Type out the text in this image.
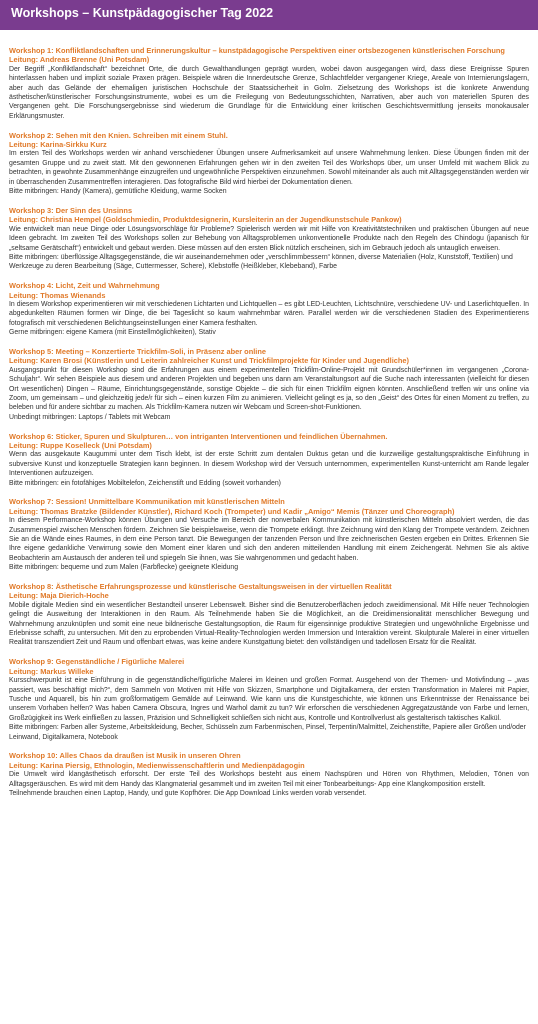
Workshops – Kunstpädagogischer Tag 2022
Workshop 1: Konfliktlandschaften und Erinnerungskultur – kunstpädagogische Perspektiven einer ortsbezogenen künstlerischen Forschung
Leitung: Andreas Brenne (Uni Potsdam)
Der Begriff „Konfliktlandschaft“ bezeichnet Orte, die durch Gewalthandlungen geprägt wurden, wobei davon ausgegangen wird, dass diese Ereignisse Spuren hinterlassen haben und implizit soziale Praxen prägen. Beispiele wären die Innerdeutsche Grenze, Schlachtfelder vergangener Kriege, Areale von Internierungslagern, aber auch das Gelände der ehemaligen juristischen Hochschule der Staatssicherheit in Golm. Zielsetzung des Workshops ist die konkrete Anwendung ästhetischer/künstlerischer Forschungsinstrumente, wobei es um die Freilegung von Bedeutungsschichten, Narrativen, aber auch von materiellen Spuren des Vergangenen geht. Die Forschungsergebnisse sind wiederum die Grundlage für die Entwicklung einer kritischen Geschichtsvermittlung jenseits monokausaler Erklärungsmuster.
Workshop 2: Sehen mit den Knien. Schreiben mit einem Stuhl.
Leitung: Karina-Sirkku Kurz
Im ersten Teil des Workshops werden wir anhand verschiedener Übungen unsere Aufmerksamkeit auf unsere Wahrnehmung lenken. Diese Übungen finden mit der gesamten Gruppe und zu zweit statt. Mit den gewonnenen Erfahrungen gehen wir in den zweiten Teil des Workshops über, um unser Umfeld mit wachem Blick zu betrachten, in gewohnte Zusammenhänge einzugreifen und ungewöhnliche Perspektiven einzunehmen. Sowohl miteinander als auch mit Alltagsgegenständen werden wir in überraschenden Zusammentreffen interagieren. Das fotografische Bild wird hierbei der Dokumentation dienen.
Bitte mitbringen: Handy (Kamera), gemütliche Kleidung, warme Socken
Workshop 3: Der Sinn des Unsinns
Leitung: Christina Hempel (Goldschmiedin, Produktdesignerin, Kursleiterin an der Jugendkunstschule Pankow)
Wie entwickelt man neue Dinge oder Lösungsvorschläge für Probleme? Spielerisch werden wir mit Hilfe von Kreativitätstechniken und praktischen Übungen auf neue Ideen gebracht. Im zweiten Teil des Workshops sollen zur Behebung von Alltagsproblemen unkonventionelle Produkte nach den Regeln des Chindogu (japanisch für „seltsame Gerätschaft“) entwickelt und gebaut werden. Diese müssen auf den ersten Blick nützlich erscheinen, sich im Gebrauch jedoch als untauglich erweisen.
Bitte mitbringen: überflüssige Alltagsgegenstände, die wir auseinandernehmen oder „verschlimmbessern“ können, diverse Materialien (Holz, Kunststoff, Textilien) und Werkzeuge zu deren Bearbeitung (Säge, Cuttermesser, Schere), Klebstoffe (Heißkleber, Klebeband), Farbe
Workshop 4: Licht, Zeit und Wahrnehmung
Leitung: Thomas Wienands
In diesem Workshop experimentieren wir mit verschiedenen Lichtarten und Lichtquellen – es gibt LED-Leuchten, Lichtschnüre, verschiedene UV- und Laserlichtquellen. In abgedunkelten Räumen formen wir Dinge, die bei Tageslicht so kaum wahrnehmbar wären. Parallel werden wir die verschiedenen Stadien des Experimentierens fotografisch mit verschiedenen Belichtungseinstellungen einer Kamera festhalten.
Gerne mitbringen: eigene Kamera (mit Einstellmöglichkeiten), Stativ
Workshop 5: Meeting – Konzertierte Trickfilm-Soli, in Präsenz aber online
Leitung: Karen Brosi (Künstlerin und Leiterin zahlreicher Kunst und Trickfilmprojekte für Kinder und Jugendliche)
Ausgangspunkt für diesen Workshop sind die Erfahrungen aus einem experimentellen Trickfilm-Online-Projekt mit Grundschüler*innen im vergangenen „Corona-Schuljahr“. Wir sehen Beispiele aus diesem und anderen Projekten und begeben uns dann am Veranstaltungsort auf die Suche nach interessanten (vielleicht für diesen Ort wesentlichen) Dingen – Räume, Einrichtungsgegenstände, sonstige Objekte – die sich für einen Trickfilm eignen könnten. Anschließend treffen wir uns online via Zoom, um gemeinsam – und gleichzeitig jede/r für sich – einen kurzen Film zu animieren. Vielleicht gelingt es ja, so den „Geist“ des Ortes für einen Moment zu treffen, zu beleben und für andere sichtbar zu machen. Als Trickfilm-Kamera nutzen wir Webcam und Screen-shot-Funktionen.
Unbedingt mitbringen: Laptops / Tablets mit Webcam
Workshop 6: Sticker, Spuren und Skulpturen… von intriganten Interventionen und feindlichen Übernahmen.
Leitung: Ruppe Koselleck (Uni Potsdam)
Wenn das ausgekaute Kaugummi unter dem Tisch klebt, ist der erste Schritt zum dentalen Duktus getan und die kurzweilige gestaltungspraktische Einführung in subversive Kunst und konzeptuelle Strategien kann beginnen. In diesem Workshop wird der Versuch unternommen, experimentellen Kunst-unterricht am Rande legaler Interventionen aufzuzeigen.
Bitte mitbringen: ein fotofähiges Mobiltelefon, Zeichenstift und Edding (soweit vorhanden)
Workshop 7: Session! Unmittelbare Kommunikation mit künstlerischen Mitteln
Leitung: Thomas Bratzke (Bildender Künstler), Richard Koch (Trompeter) und Kadir „Amigo“ Memis (Tänzer und Choreograph)
In diesem Performance-Workshop können Übungen und Versuche im Bereich der nonverbalen Kommunikation mit künstlerischen Mitteln absolviert werden, die das Zusammenspiel zwischen Menschen fördern. Zeichnen Sie beispielsweise, wenn die Trompete erklingt. Ihre Zeichnung wird den Klang der Trompete verändern. Zeichnen Sie an die Wände eines Raumes, in dem eine Person tanzt. Die Bewegungen der tanzenden Person und Ihre zeichnerischen Gesten ergeben ein Drittes. Erkennen Sie Ihre eigene gedankliche Verwirrung sowie den Moment einer klaren und sich den anderen mitteilenden Handlung mit einem Zeichengerät. Nehmen Sie als aktive Beobachterin am Austausch der anderen teil und spiegeln Sie ihnen, was Sie wahrgenommen und gedacht haben.
Bitte mitbringen: bequeme und zum Malen (Farbflecke) geeignete Kleidung
Workshop 8: Ästhetische Erfahrungsprozesse und künstlerische Gestaltungsweisen in der virtuellen Realität
Leitung: Maja Dierich-Hoche
Mobile digitale Medien sind ein wesentlicher Bestandteil unserer Lebenswelt. Bisher sind die Benutzeroberflächen jedoch zweidimensional. Mit Hilfe neuer Technologien gelingt die Ausweitung der Interaktionen in den Raum. Als Teilnehmende haben Sie die Möglichkeit, an die Dreidimensionalität menschlicher Bewegung und Wahrnehmung anzuknüpfen und somit eine neue bildnerische Gestaltungsoption, die Raum für eigensinnige produktive Strategien und ungewöhnliche Ergebnisse und Erlebnisse schafft, zu untersuchen. Mit den zu erprobenden Virtual-Reality-Technologien werden Immersion und Interaktion vereint. Skulpturale Malerei in einer virtuellen Realität transzendiert Zeit und Raum und offenbart etwas, was keine andere Kunstgattung bietet: den vollständigen und tadellosen Ersatz für die Realität.
Workshop 9: Gegenständliche / Figürliche Malerei
Leitung: Markus Willeke
Kursschwerpunkt ist eine Einführung in die gegenständliche/figürliche Malerei im kleinen und großen Format. Ausgehend von der Themen- und Motivfindung – „was passiert, was beschäftigt mich?“, dem Sammeln von Motiven mit Hilfe von Skizzen, Smartphone und Digitalkamera, der ersten Transformation in Malerei mit Papier, Tusche und Aquarell, bis hin zum großformatigem Gemälde auf Leinwand. Wie kann uns die Kunstgeschichte, wie können uns Erkenntnisse der Renaissance bei unserem Vorhaben helfen? Was haben Camera Obscura, Ingres und Warhol damit zu tun? Wir erforschen die verschiedenen Aggregatzustände von Farbe und lernen, Großzügigkeit ins Werk einfließen zu lassen, Präzision und Schnelligkeit schließen sich nicht aus, Kontrolle und Kontrollverlust als gestalterisch taktisches Kalkül.
Bitte mitbringen: Farben aller Systeme, Arbeitskleidung, Becher, Schüsseln zum Farbenmischen, Pinsel, Terpentin/Malmittel, Zeichenstifte, Papiere aller Größen und/oder Leinwand, Digitalkamera, Notebook
Workshop 10: Alles Chaos da draußen ist Musik in unseren Ohren
Leitung: Karina Piersig, Ethnologin, Medienwissenschaftlerin und Medienpädagogin
Die Umwelt wird klangästhetisch erforscht. Der erste Teil des Workshops besteht aus einem Nachspüren und Hören von Rhythmen, Melodien, Tönen von Alltagsgeräuschen. Es wird mit dem Handy das Klangmaterial gesammelt und im zweiten Teil mit einer Tonbearbeitungs- App eine Klangkomposition erstellt.
Teilnehmende brauchen einen Laptop, Handy, und gute Kopfhörer. Die App Download Links werden vorab versendet.
